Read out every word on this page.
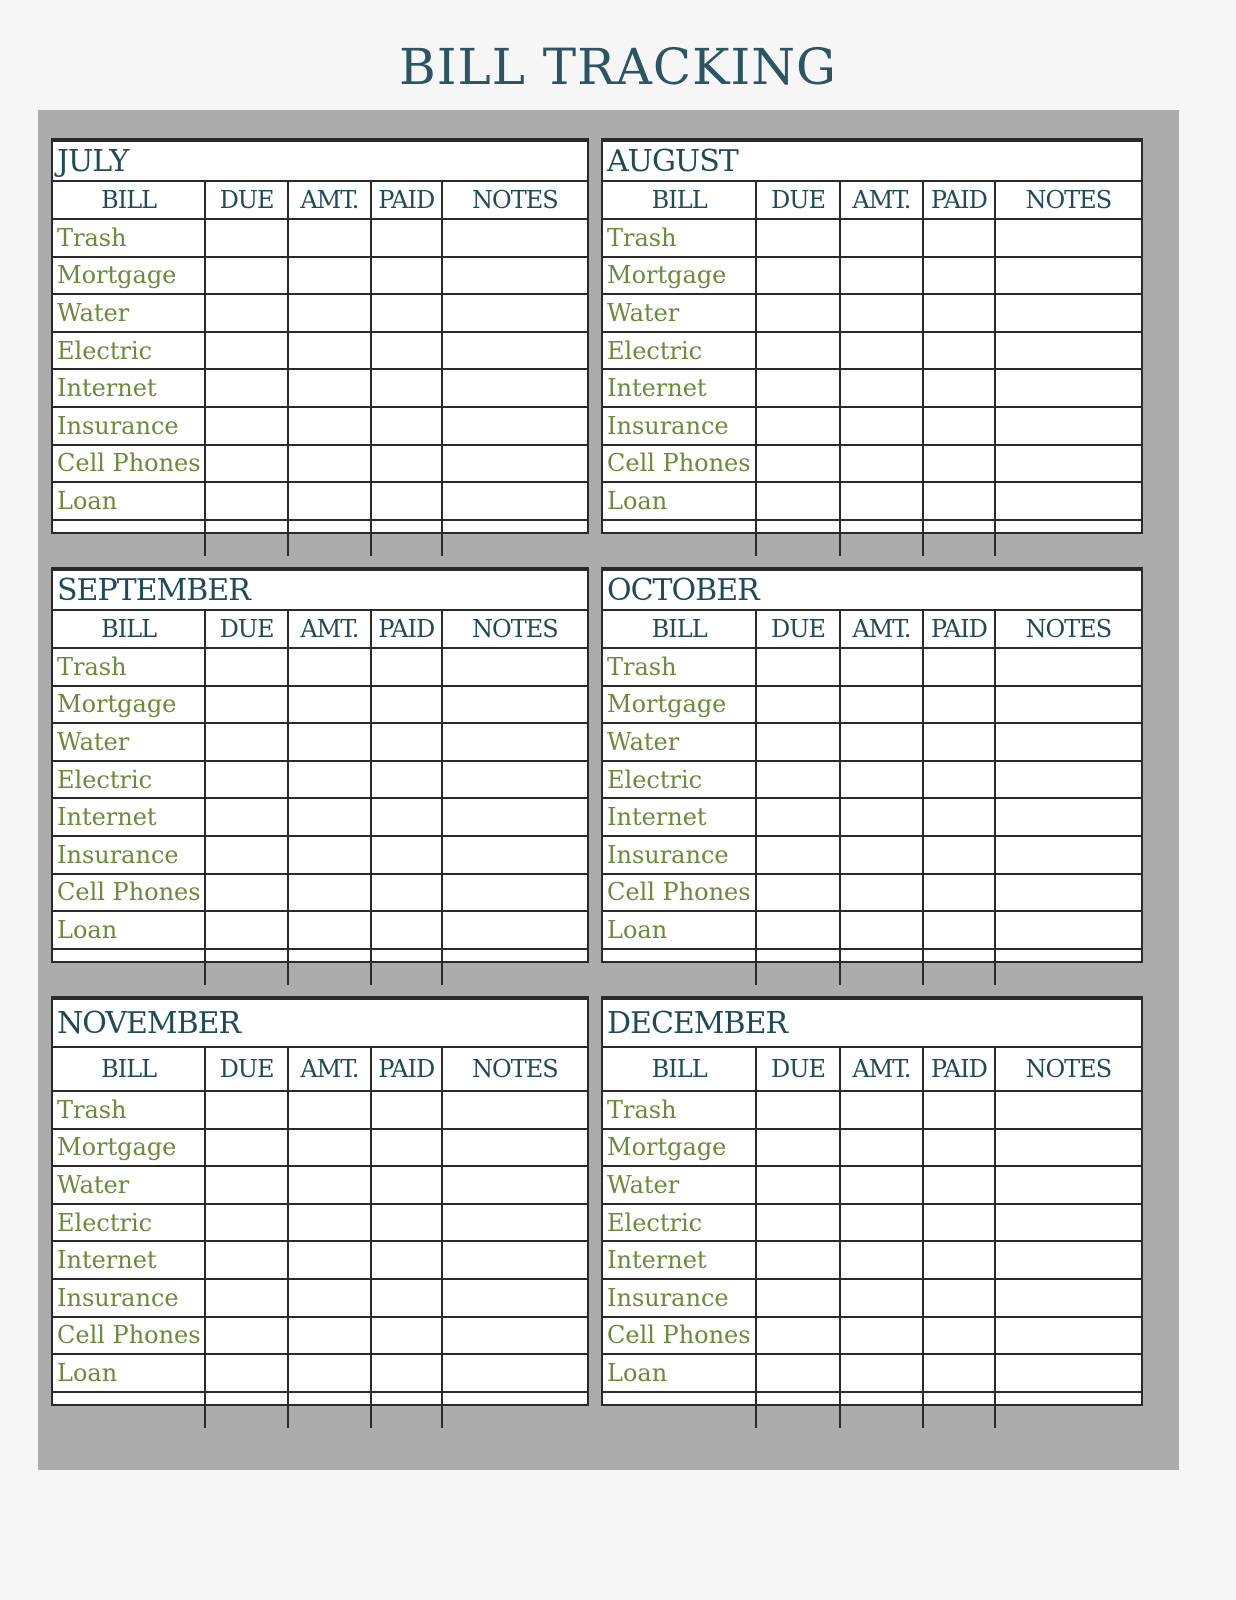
BILL TRACKING
JULY				
BILL	DUE	AMT.	PAID	NOTES
Trash				
Mortgage				
Water				
Electric				
Internet				
Insurance				
Cell Phones				
Loan				

AUGUST				
BILL	DUE	AMT.	PAID	NOTES
Trash				
Mortgage				
Water				
Electric				
Internet				
Insurance				
Cell Phones				
Loan				

SEPTEMBER				
BILL	DUE	AMT.	PAID	NOTES
Trash				
Mortgage				
Water				
Electric				
Internet				
Insurance				
Cell Phones				
Loan				

OCTOBER				
BILL	DUE	AMT.	PAID	NOTES
Trash				
Mortgage				
Water				
Electric				
Internet				
Insurance				
Cell Phones				
Loan				

NOVEMBER				
BILL	DUE	AMT.	PAID	NOTES
Trash				
Mortgage				
Water				
Electric				
Internet				
Insurance				
Cell Phones				
Loan				

DECEMBER				
BILL	DUE	AMT.	PAID	NOTES
Trash				
Mortgage				
Water				
Electric				
Internet				
Insurance				
Cell Phones				
Loan				
